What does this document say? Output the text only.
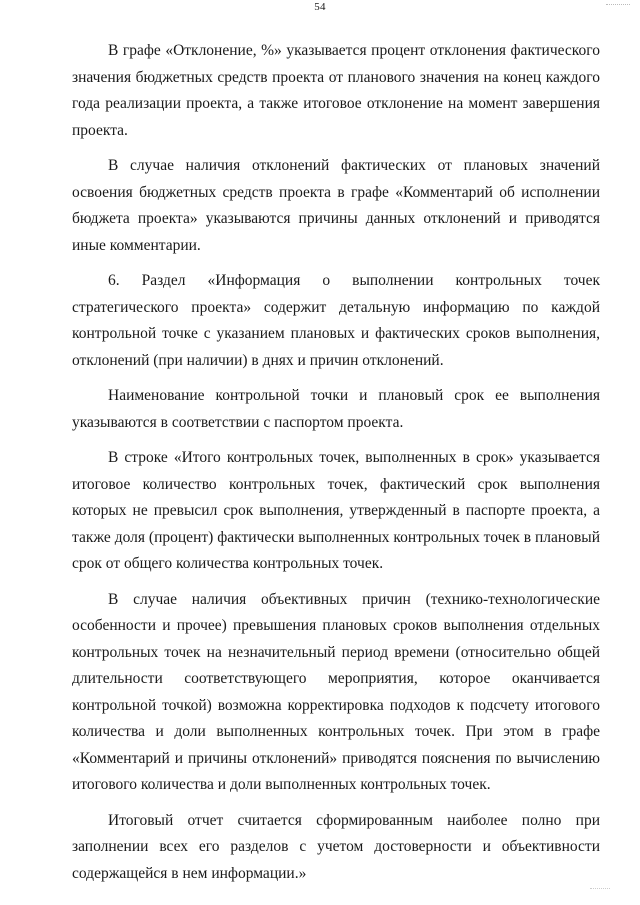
54

В графе «Отклонение, %» указывается процент отклонения фактического значения бюджетных средств проекта от планового значения на конец каждого года реализации проекта, а также итоговое отклонение на момент завершения проекта.

В случае наличия отклонений фактических от плановых значений освоения бюджетных средств проекта в графе «Комментарий об исполнении бюджета проекта» указываются причины данных отклонений и приводятся иные комментарии.

6. Раздел «Информация о выполнении контрольных точек стратегического проекта» содержит детальную информацию по каждой контрольной точке с указанием плановых и фактических сроков выполнения, отклонений (при наличии) в днях и причин отклонений.

Наименование контрольной точки и плановый срок ее выполнения указываются в соответствии с паспортом проекта.

В строке «Итого контрольных точек, выполненных в срок» указывается итоговое количество контрольных точек, фактический срок выполнения которых не превысил срок выполнения, утвержденный в паспорте проекта, а также доля (процент) фактически выполненных контрольных точек в плановый срок от общего количества контрольных точек.

В случае наличия объективных причин (технико-технологические особенности и прочее) превышения плановых сроков выполнения отдельных контрольных точек на незначительный период времени (относительно общей длительности соответствующего мероприятия, которое оканчивается контрольной точкой) возможна корректировка подходов к подсчету итогового количества и доли выполненных контрольных точек. При этом в графе «Комментарий и причины отклонений» приводятся пояснения по вычислению итогового количества и доли выполненных контрольных точек.

Итоговый отчет считается сформированным наиболее полно при заполнении всех его разделов с учетом достоверности и объективности содержащейся в нем информации.»
